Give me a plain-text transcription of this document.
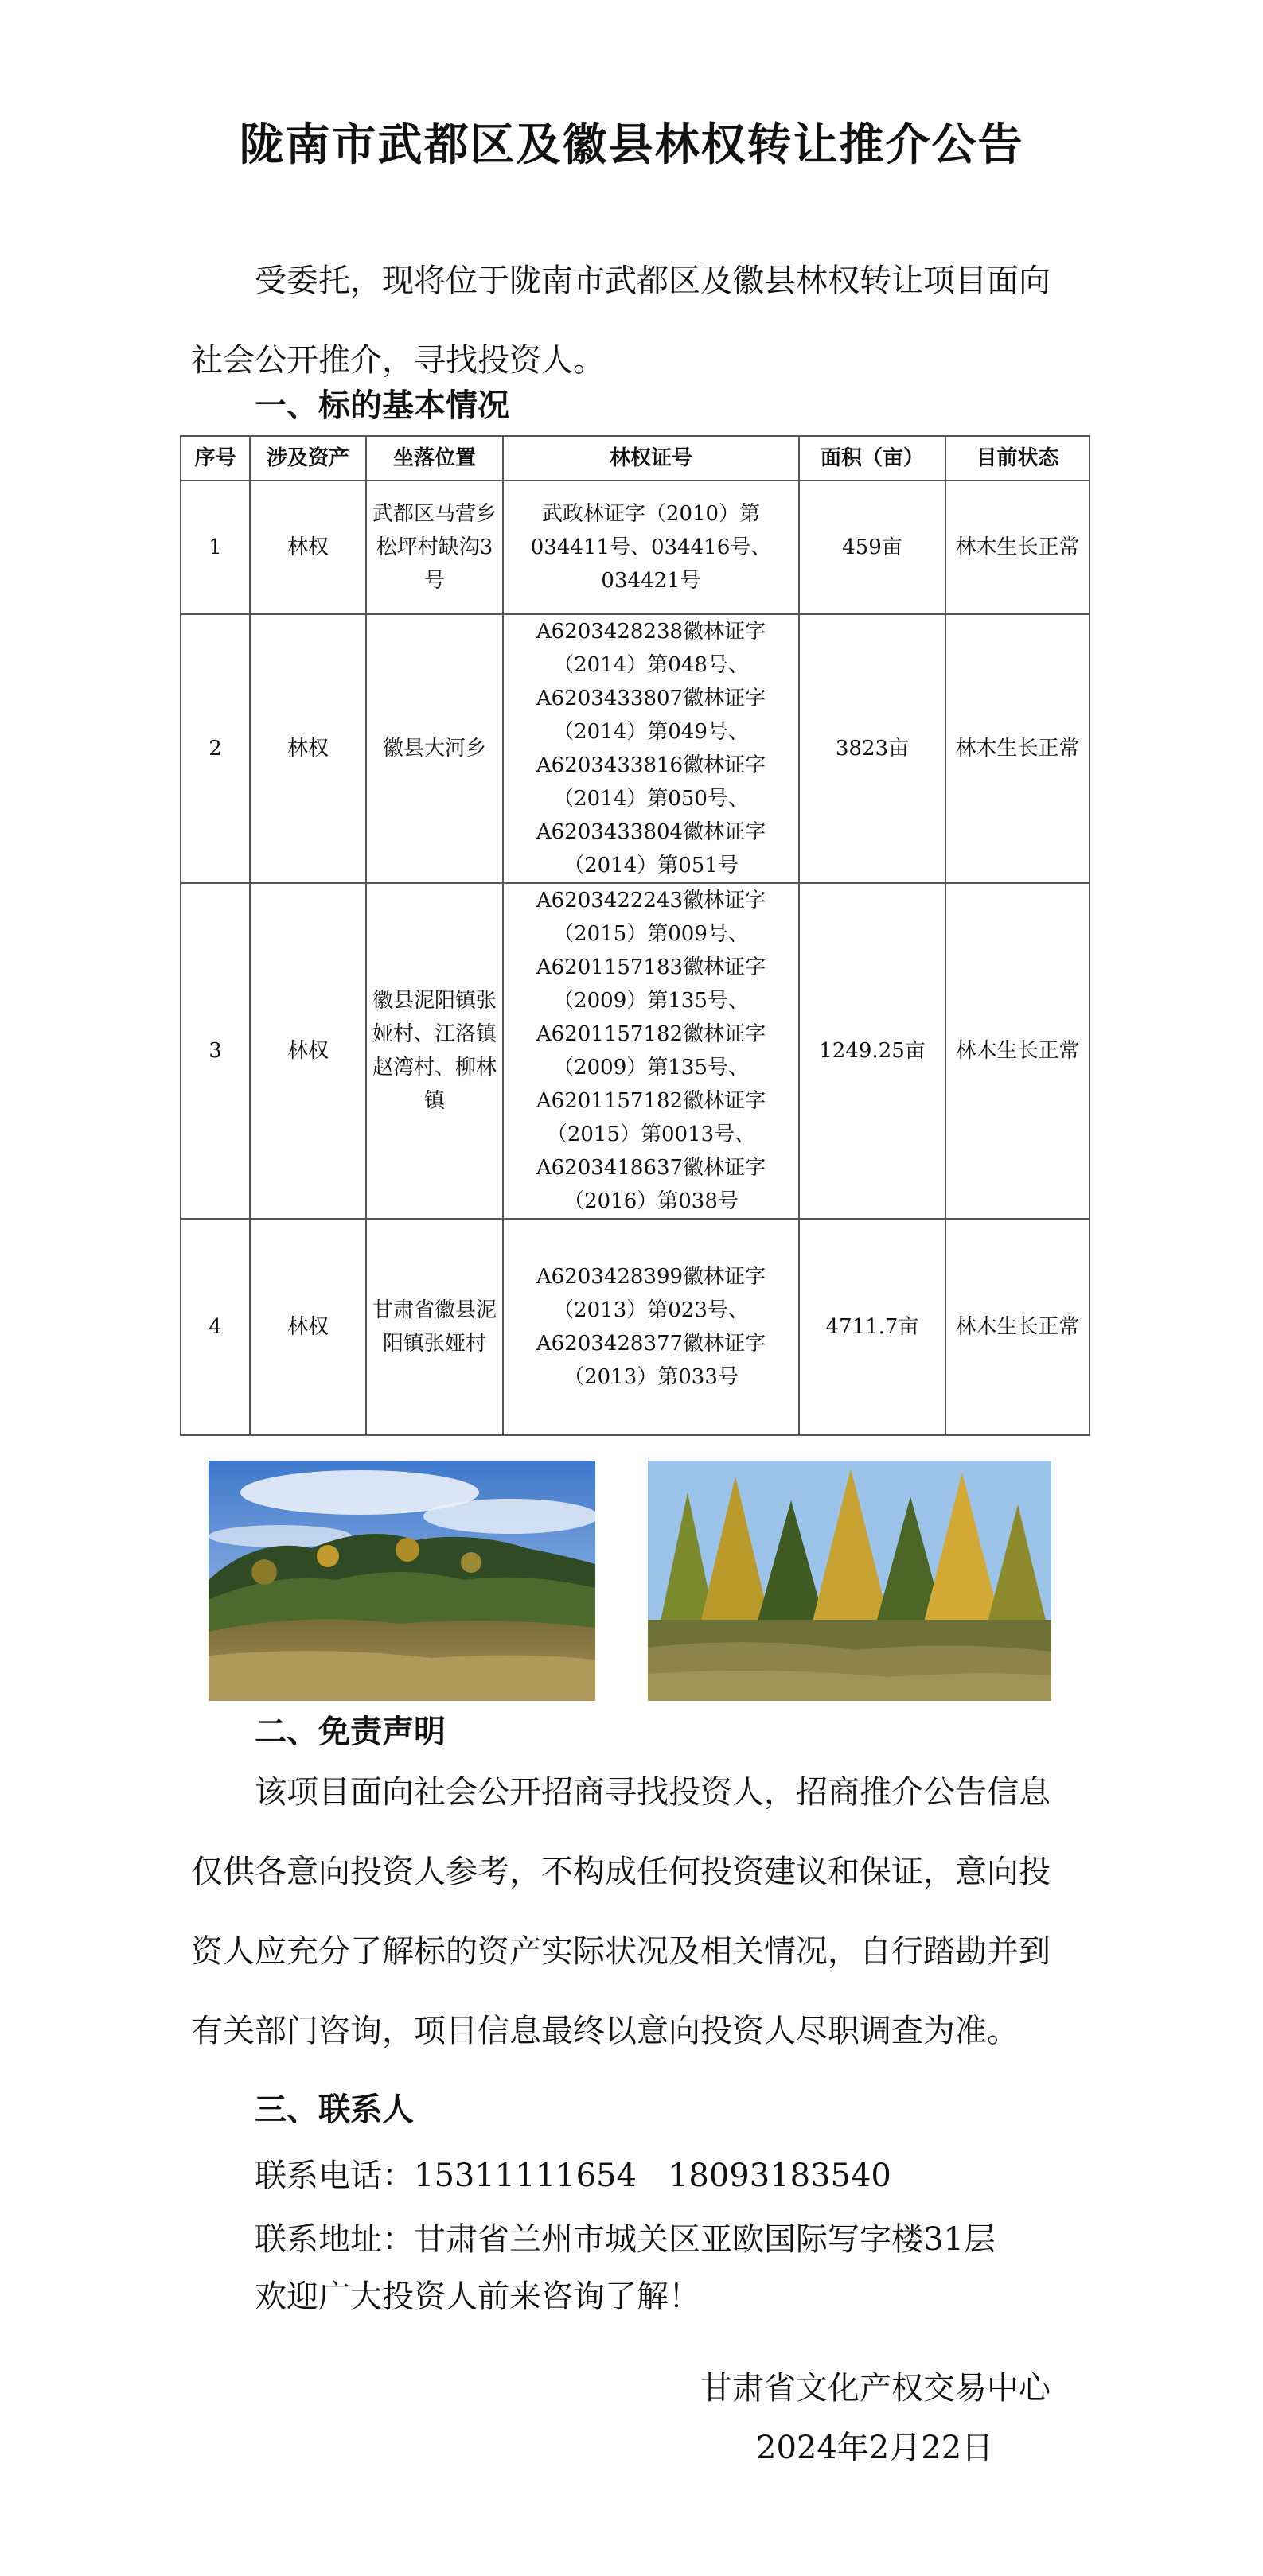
陇南市武都区及徽县林权转让推介公告

受委托，现将位于陇南市武都区及徽县林权转让项目面向社会公开推介，寻找投资人。

一、标的基本情况
序号	涉及资产	坐落位置	林权证号	面积（亩）	目前状态
1	林权	武都区马营乡松坪村缺沟3号	武政林证字（2010）第034411号、034416号、034421号	459亩	林木生长正常
2	林权	徽县大河乡	A6203428238徽林证字（2014）第048号、A6203433807徽林证字（2014）第049号、A6203433816徽林证字（2014）第050号、A6203433804徽林证字（2014）第051号	3823亩	林木生长正常
3	林权	徽县泥阳镇张娅村、江洛镇赵湾村、柳林镇	A6203422243徽林证字（2015）第009号、A6201157183徽林证字（2009）第135号、A6201157182徽林证字（2009）第135号、A6201157182徽林证字（2015）第0013号、A6203418637徽林证字（2016）第038号	1249.25亩	林木生长正常
4	林权	甘肃省徽县泥阳镇张娅村	A6203428399徽林证字（2013）第023号、A6203428377徽林证字（2013）第033号	4711.7亩	林木生长正常
二、免责声明

该项目面向社会公开招商寻找投资人，招商推介公告信息仅供各意向投资人参考，不构成任何投资建议和保证，意向投资人应充分了解标的资产实际状况及相关情况，自行踏勘并到有关部门咨询，项目信息最终以意向投资人尽职调查为准。

三、联系人

联系电话：15311111654　18093183540

联系地址：甘肃省兰州市城关区亚欧国际写字楼31层

欢迎广大投资人前来咨询了解！

甘肃省文化产权交易中心

2024年2月22日
